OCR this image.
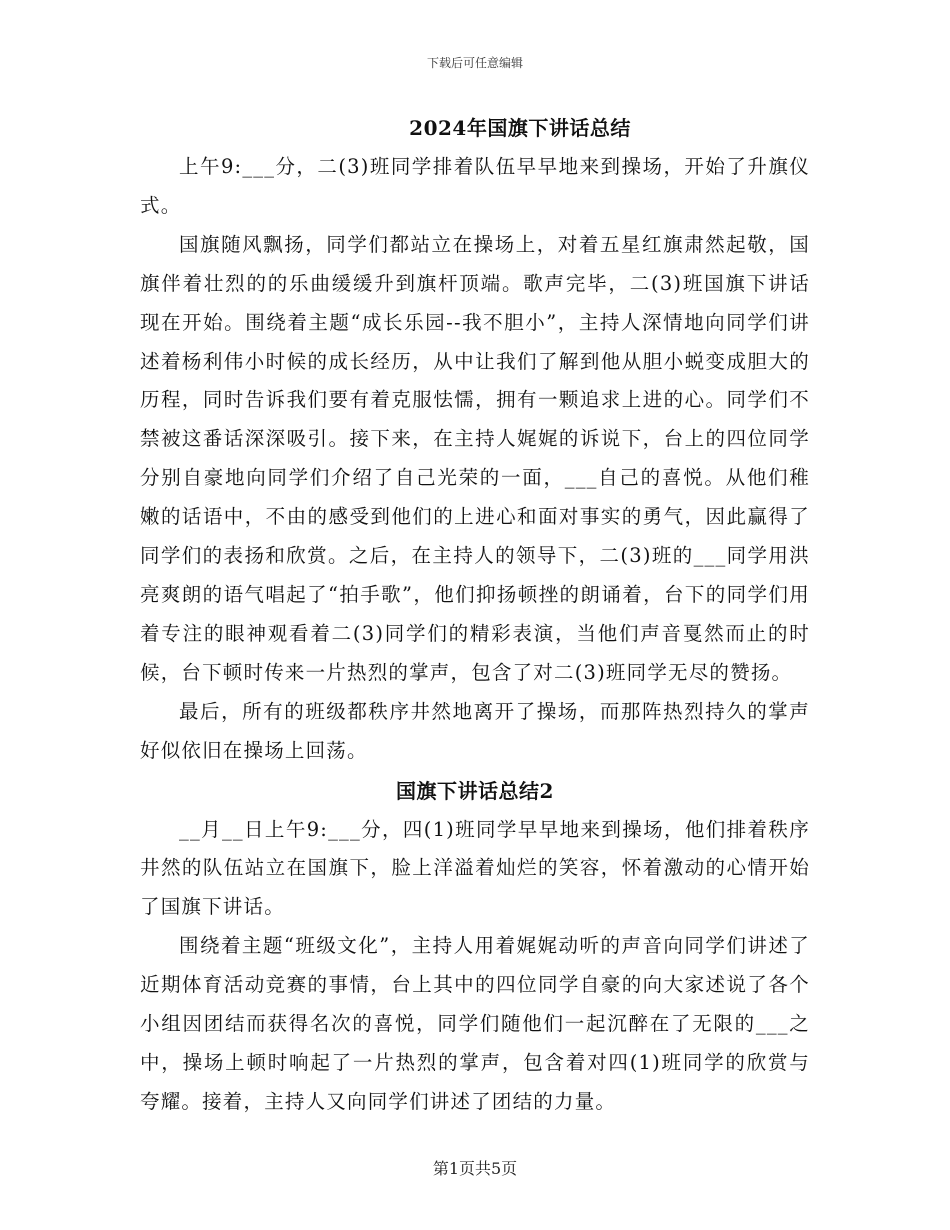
下载后可任意编辑
2024年国旗下讲话总结

上午9:___分，二(3)班同学排着队伍早早地来到操场，开始了升旗仪式。

国旗随风飘扬，同学们都站立在操场上，对着五星红旗肃然起敬，国旗伴着壮烈的的乐曲缓缓升到旗杆顶端。歌声完毕，二(3)班国旗下讲话现在开始。围绕着主题“成长乐园--我不胆小”，主持人深情地向同学们讲述着杨利伟小时候的成长经历，从中让我们了解到他从胆小蜕变成胆大的历程，同时告诉我们要有着克服怯懦，拥有一颗追求上进的心。同学们不禁被这番话深深吸引。接下来，在主持人娓娓的诉说下，台上的四位同学分别自豪地向同学们介绍了自己光荣的一面，___自己的喜悦。从他们稚嫩的话语中，不由的感受到他们的上进心和面对事实的勇气，因此赢得了同学们的表扬和欣赏。之后，在主持人的领导下，二(3)班的___同学用洪亮爽朗的语气唱起了“拍手歌”，他们抑扬顿挫的朗诵着，台下的同学们用着专注的眼神观看着二(3)同学们的精彩表演，当他们声音戛然而止的时候，台下顿时传来一片热烈的掌声，包含了对二(3)班同学无尽的赞扬。

最后，所有的班级都秩序井然地离开了操场，而那阵热烈持久的掌声好似依旧在操场上回荡。

国旗下讲话总结2

__月__日上午9:___分，四(1)班同学早早地来到操场，他们排着秩序井然的队伍站立在国旗下，脸上洋溢着灿烂的笑容，怀着激动的心情开始了国旗下讲话。

围绕着主题“班级文化”，主持人用着娓娓动听的声音向同学们讲述了近期体育活动竞赛的事情，台上其中的四位同学自豪的向大家述说了各个小组因团结而获得名次的喜悦，同学们随他们一起沉醉在了无限的___之中，操场上顿时响起了一片热烈的掌声，包含着对四(1)班同学的欣赏与夸耀。接着，主持人又向同学们讲述了团结的力量。

第1页共5页
